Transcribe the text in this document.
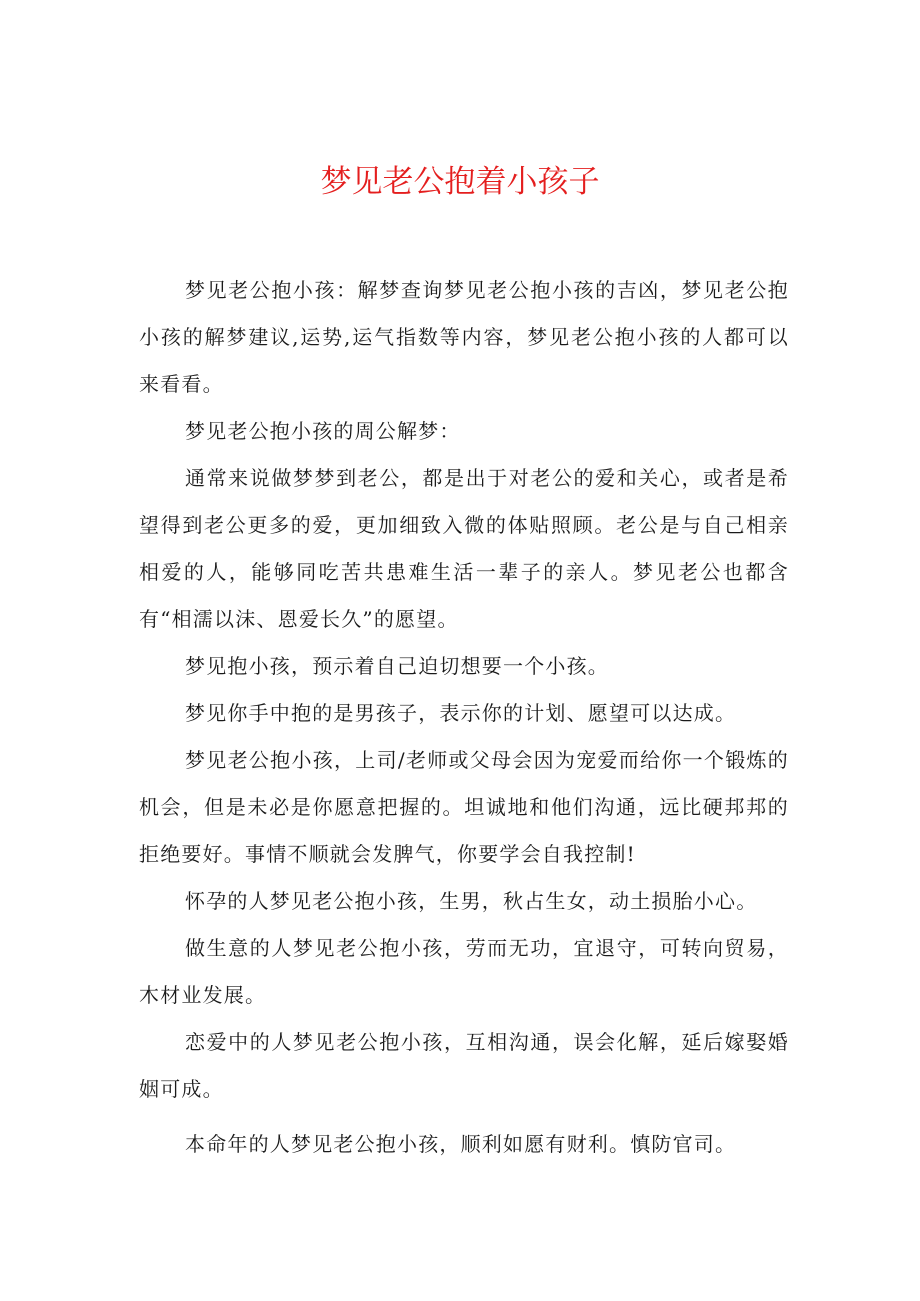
梦见老公抱着小孩子

梦见老公抱小孩：解梦查询梦见老公抱小孩的吉凶，梦见老公抱小孩的解梦建议,运势,运气指数等内容，梦见老公抱小孩的人都可以来看看。

梦见老公抱小孩的周公解梦：

通常来说做梦梦到老公，都是出于对老公的爱和关心，或者是希望得到老公更多的爱，更加细致入微的体贴照顾。老公是与自己相亲相爱的人，能够同吃苦共患难生活一辈子的亲人。梦见老公也都含有“相濡以沫、恩爱长久”的愿望。

梦见抱小孩，预示着自己迫切想要一个小孩。

梦见你手中抱的是男孩子，表示你的计划、愿望可以达成。

梦见老公抱小孩，上司/老师或父母会因为宠爱而给你一个锻炼的机会，但是未必是你愿意把握的。坦诚地和他们沟通，远比硬邦邦的拒绝要好。事情不顺就会发脾气，你要学会自我控制!

怀孕的人梦见老公抱小孩，生男，秋占生女，动土损胎小心。

做生意的人梦见老公抱小孩，劳而无功，宜退守，可转向贸易，木材业发展。

恋爱中的人梦见老公抱小孩，互相沟通，误会化解，延后嫁娶婚姻可成。

本命年的人梦见老公抱小孩，顺利如愿有财利。慎防官司。
